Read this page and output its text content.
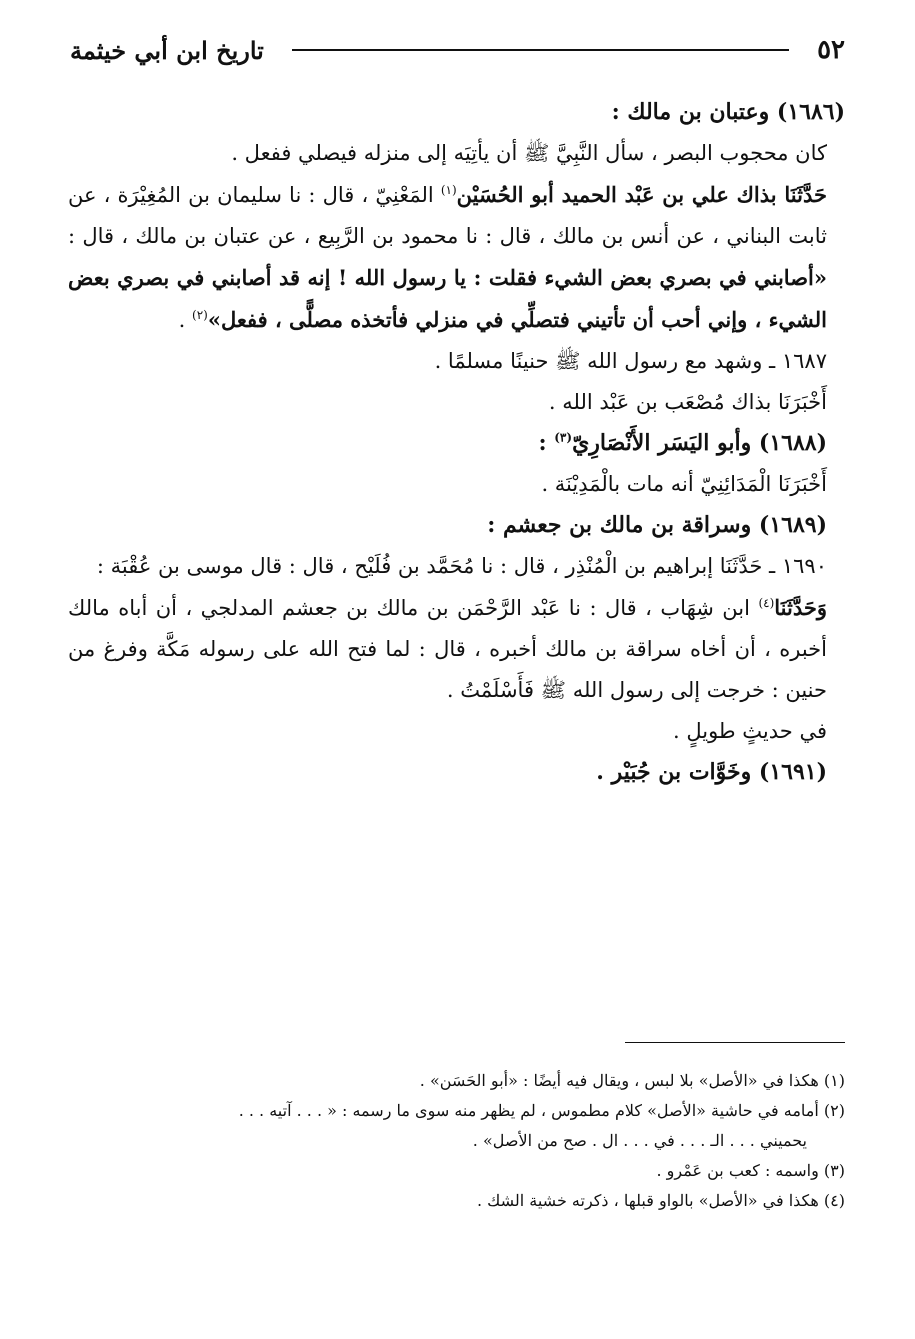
٥٢
تاريخ ابن أبي خيثمة

(١٦٨٦) وعتبان بن مالك :

كان محجوب البصر ، سأل النَّبِيَّ ﷺ أن يأتِيَه إلى منزله فيصلي ففعل .

حَدَّثَنَا بذاك علي بن عَبْد الحميد أبو الحُسَيْن$^{(١)}$ المَعْنِيّ ، قال : نا سليمان بن المُغِيْرَة ، عن ثابت البناني ، عن أنس بن مالك ، قال : نا محمود بن الرَّبِيع ، عن عتبان بن مالك ، قال : «أصابني في بصري بعض الشيء فقلت : يا رسول الله ! إنه قد أصابني في بصري بعض الشيء ، وإني أحب أن تأتيني فتصلِّي في منزلي فأتخذه مصلًّى ، ففعل»$^{(٢)}$ .

١٦٨٧ ـ وشهد مع رسول الله ﷺ حنينًا مسلمًا .

أَخْبَرَنَا بذاك مُصْعَب بن عَبْد الله .

(١٦٨٨) وأبو اليَسَر الأَنْصَارِيّ$^{(٣)}$ :

أَخْبَرَنَا الْمَدَائِنِيّ أنه مات بالْمَدِيْنَة .

(١٦٨٩) وسراقة بن مالك بن جعشم :

١٦٩٠ ـ حَدَّثَنَا إبراهيم بن الْمُنْذِر ، قال : نا مُحَمَّد بن فُلَيْح ، قال : قال موسى بن عُقْبَة :

وَحَدَّثَنَا$^{(٤)}$ ابن شِهَاب ، قال : نا عَبْد الرَّحْمَن بن مالك بن جعشم المدلجي ، أن أباه مالك أخبره ، أن أخاه سراقة بن مالك أخبره ، قال : لما فتح الله على رسوله مَكَّة وفرغ من حنين : خرجت إلى رسول الله ﷺ فَأَسْلَمْتُ .

في حديثٍ طويلٍ .

(١٦٩١) وخَوَّات بن جُبَيْر .

(١) هكذا في «الأصل» بلا لبس ، ويقال فيه أيضًا : «أبو الحَسَن» .

(٢) أمامه في حاشية «الأصل» كلام مطموس ، لم يظهر منه سوى ما رسمه : « . . . آتيه . . .

يحميني . . . الـ . . . في . . . ال . صح من الأصل» .

(٣) واسمه : كعب بن عَمْرو .

(٤) هكذا في «الأصل» بالواو قبلها ، ذكرته خشية الشك .
